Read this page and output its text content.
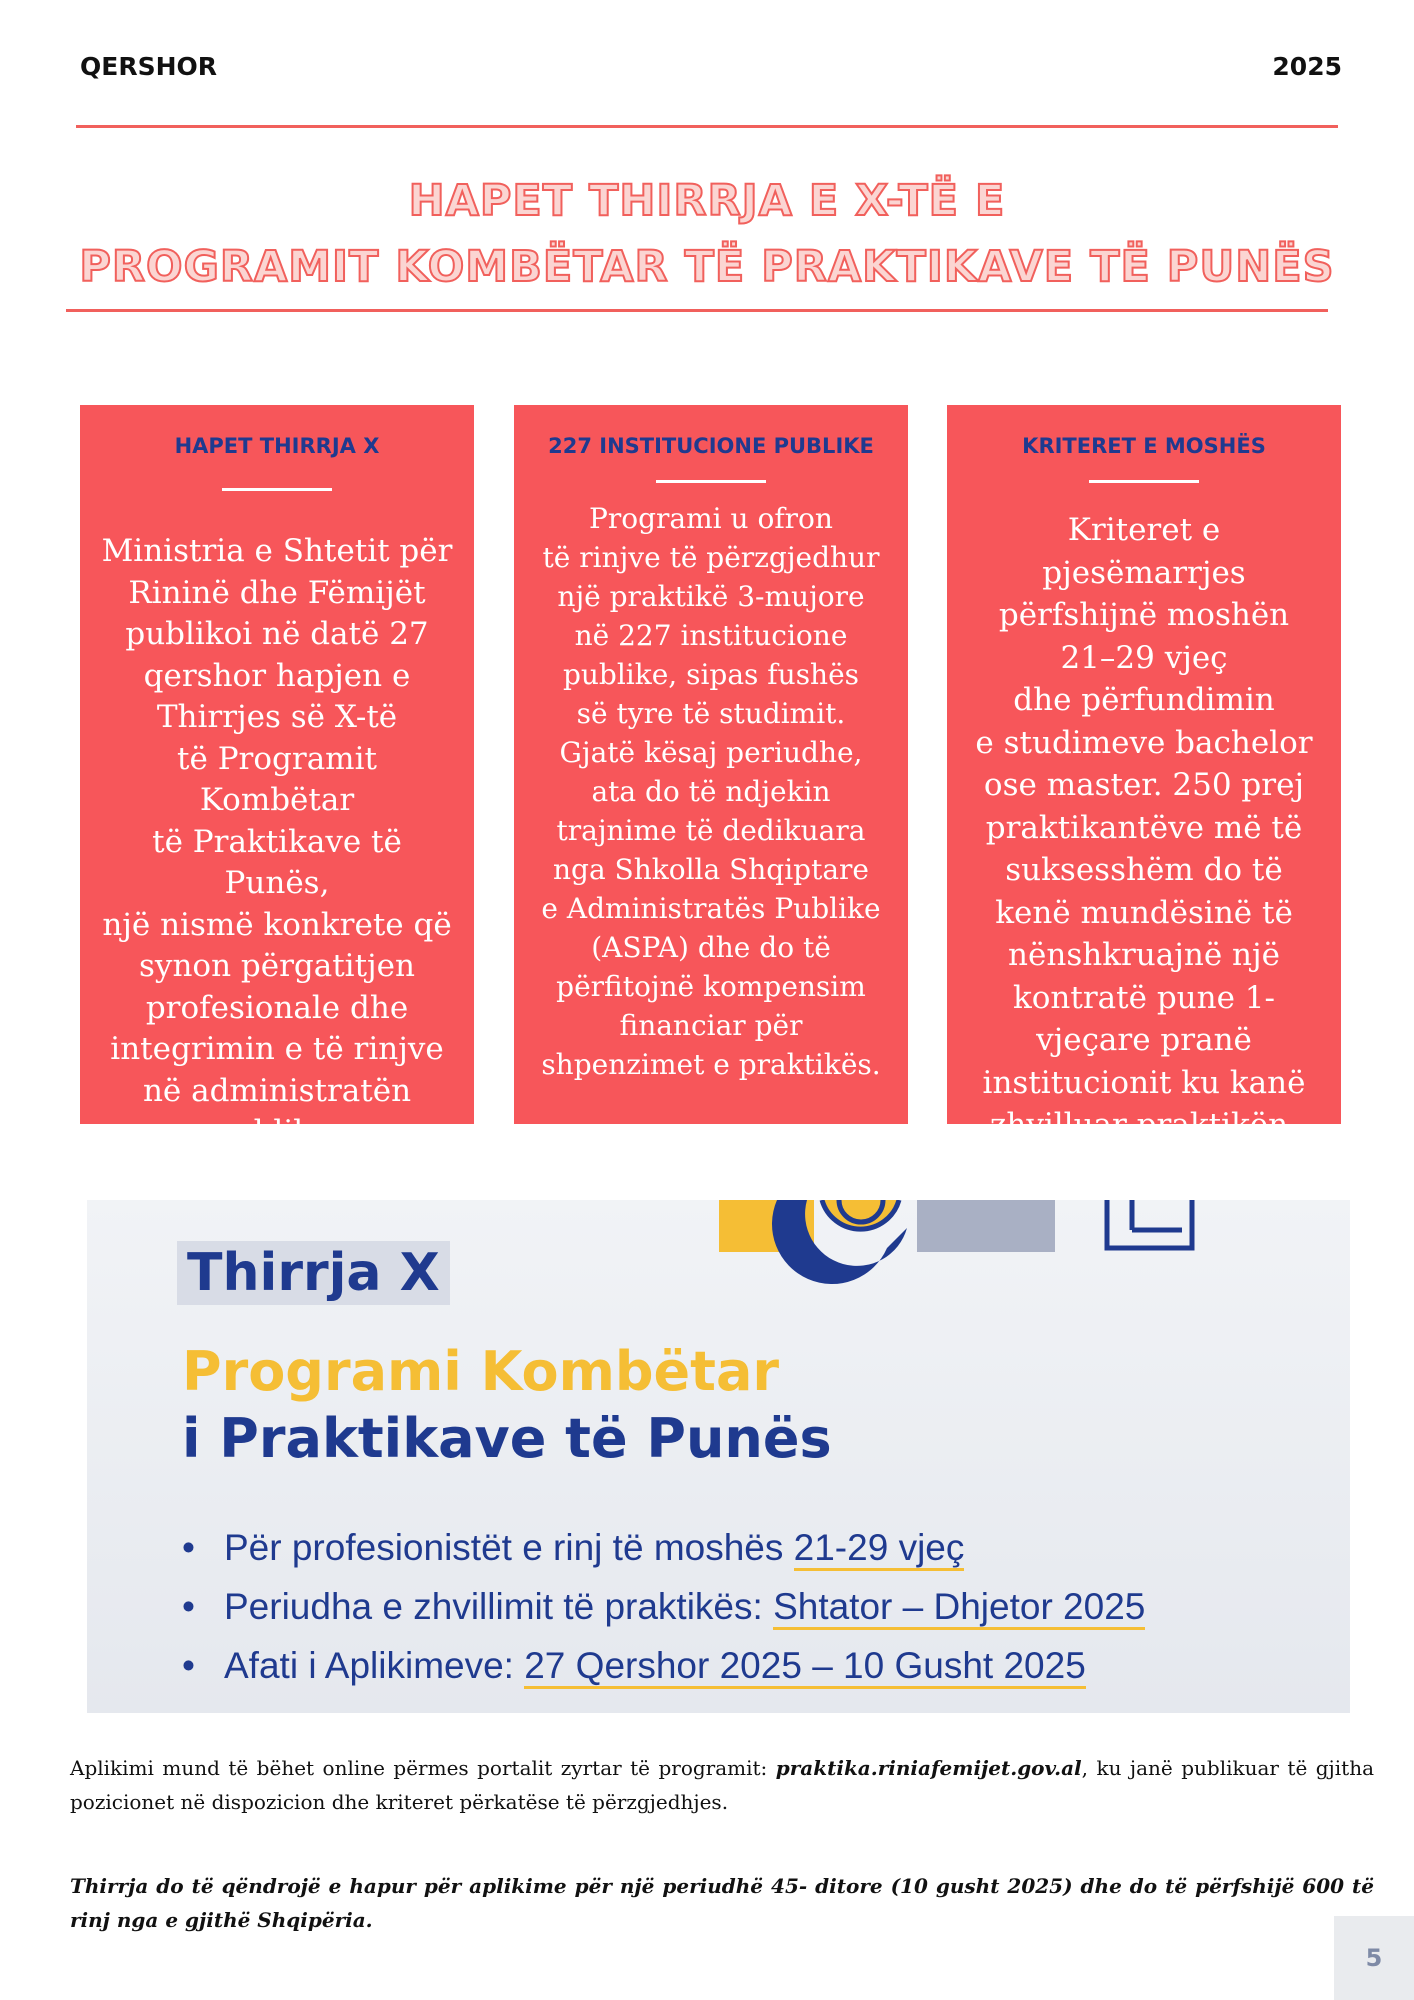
QERSHOR	2025
HAPET THIRRJA E X-TË E
PROGRAMIT KOMBËTAR TË PRAKTIKAVE TË PUNËS
HAPET THIRRJA X
Ministria e Shtetit për
Rininë dhe Fëmijët
publikoi në datë 27
qershor hapjen e
Thirrjes së X-të
të Programit Kombëtar
të Praktikave të Punës,
një nismë konkrete që
synon përgatitjen
profesionale dhe
integrimin e të rinjve
në administratën
publike.
227 INSTITUCIONE PUBLIKE
Programi u ofron
të rinjve të përzgjedhur
një praktikë 3-mujore
në 227 institucione
publike, sipas fushës
së tyre të studimit.
Gjatë kësaj periudhe,
ata do të ndjekin
trajnime të dedikuara
nga Shkolla Shqiptare
e Administratës Publike
(ASPA) dhe do të
përfitojnë kompensim
financiar për
shpenzimet e praktikës.
KRITERET E MOSHËS
Kriteret e pjesëmarrjes
përfshijnë moshën
21–29 vjeç
dhe përfundimin
e studimeve bachelor
ose master. 250 prej
praktikantëve më të
suksesshëm do të
kenë mundësinë të
nënshkruajnë një
kontratë pune 1-
vjeçare pranë
institucionit ku kanë
zhvilluar praktikën.
Thirrja X
Programi Kombëtar
i Praktikave të Punës
• Për profesionistët e rinj të moshës 21-29 vjeç
• Periudha e zhvillimit të praktikës: Shtator – Dhjetor 2025
• Afati i Aplikimeve: 27 Qershor 2025 – 10 Gusht 2025
Aplikimi mund të bëhet online përmes portalit zyrtar të programit: praktika.riniafemijet.gov.al, ku janë publikuar të gjitha pozicionet në dispozicion dhe kriteret përkatëse të përzgjedhjes.
Thirrja do të qëndrojë e hapur për aplikime për një periudhë 45- ditore (10 gusht 2025) dhe do të përfshijë 600 të rinj nga e gjithë Shqipëria.
5
